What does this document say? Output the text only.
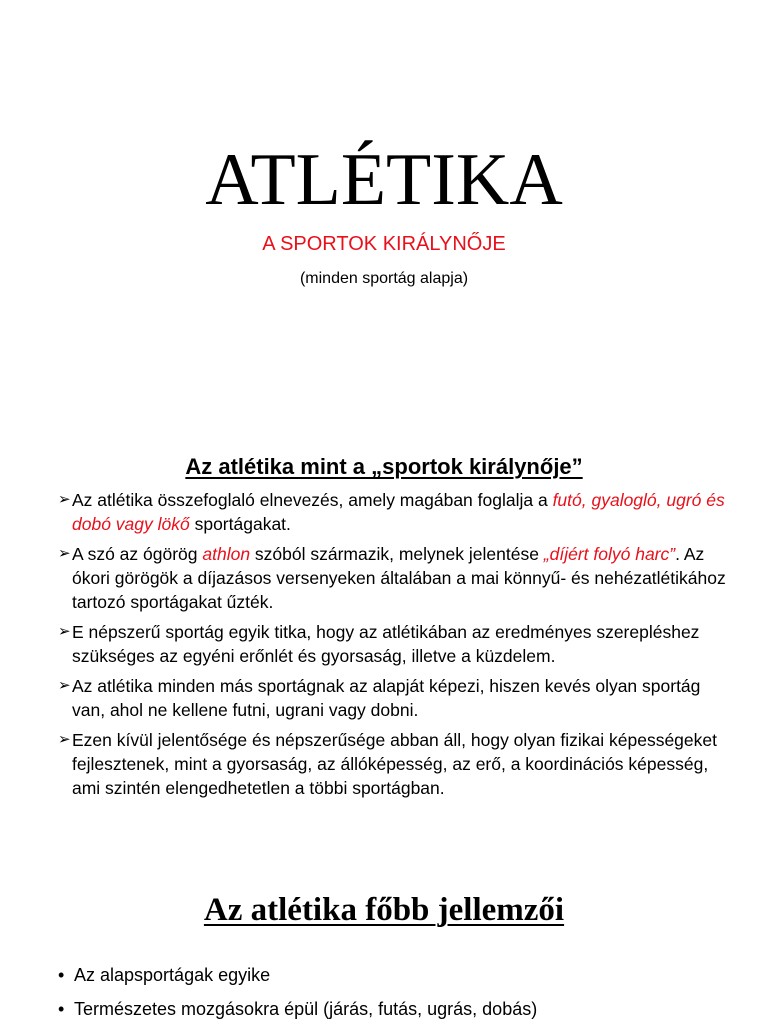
ATLÉTIKA

A SPORTOK KIRÁLYNŐJE

(minden sportág alapja)

Az atlétika mint a „sportok királynője”
➢ Az atlétika összefoglaló elnevezés, amely magában foglalja a futó, gyalogló, ugró és dobó vagy lökő sportágakat.
➢ A szó az ógörög athlon szóból származik, melynek jelentése „díjért folyó harc”. Az ókori görögök a díjazásos versenyeken általában a mai könnyű- és nehézatlétikához tartozó sportágakat űzték.
➢ E népszerű sportág egyik titka, hogy az atlétikában az eredményes szerepléshez szükséges az egyéni erőnlét és gyorsaság, illetve a küzdelem.
➢ Az atlétika minden más sportágnak az alapját képezi, hiszen kevés olyan sportág van, ahol ne kellene futni, ugrani vagy dobni.
➢ Ezen kívül jelentősége és népszerűsége abban áll, hogy olyan fizikai képességeket fejlesztenek, mint a gyorsaság, az állóképesség, az erő, a koordinációs képesség, ami szintén elengedhetetlen a többi sportágban.
Az atlétika főbb jellemzői
• Az alapsportágak egyike
• Természetes mozgásokra épül (járás, futás, ugrás, dobás)
